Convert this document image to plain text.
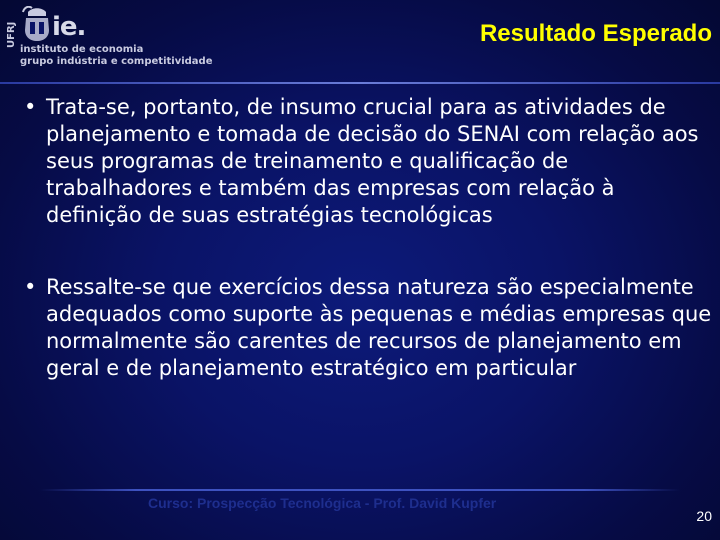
UFRJ ie.
instituto de economia
grupo indústria e competitividade
Resultado Esperado
• Trata-se, portanto, de insumo crucial para as atividades de planejamento e tomada de decisão do SENAI com relação aos seus programas de treinamento e qualificação de trabalhadores e também das empresas com relação à definição de suas estratégias tecnológicas
• Ressalte-se que exercícios dessa natureza são especialmente adequados como suporte às pequenas e médias empresas que normalmente são carentes de recursos de planejamento em geral e de planejamento estratégico em particular
Curso: Prospecção Tecnológica - Prof. David Kupfer
20
